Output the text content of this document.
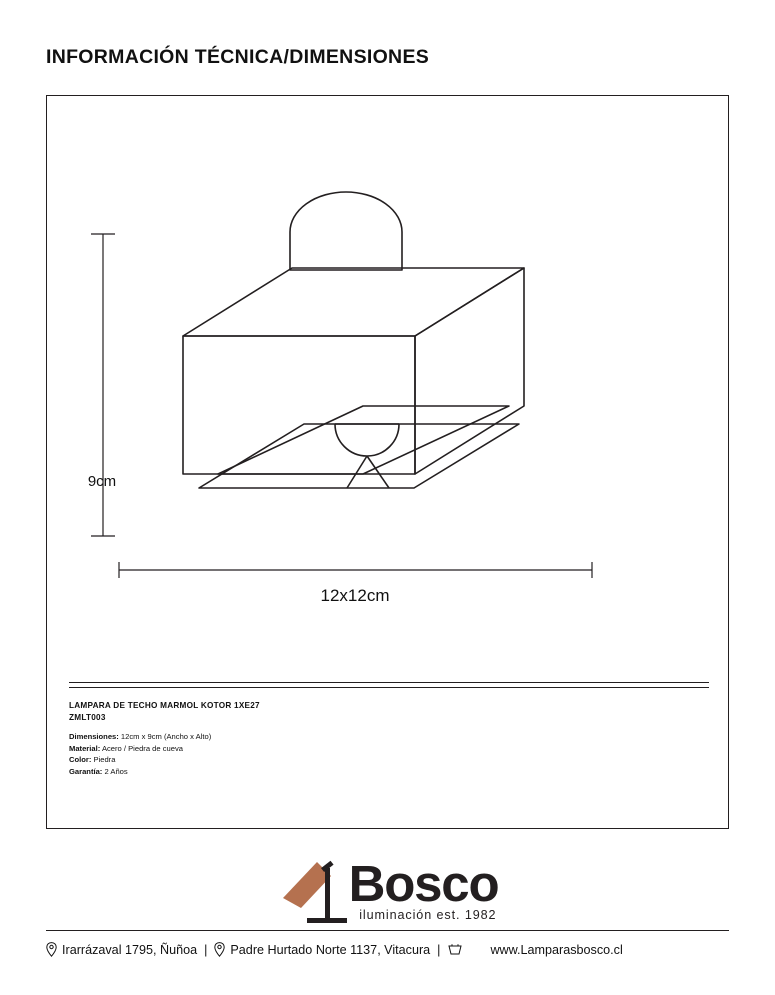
INFORMACIÓN TÉCNICA/DIMENSIONES
9cm
12x12cm
LAMPARA DE TECHO MARMOL KOTOR 1XE27
ZMLT003
Dimensiones: 12cm x 9cm (Ancho x Alto)
Material: Acero / Piedra de cueva
Color: Piedra
Garantía: 2 Años
Bosco
iluminación est. 1982
Irarrázaval 1795, Ñuñoa | Padre Hurtado Norte 1137, Vitacura |	www.Lamparasbosco.cl
